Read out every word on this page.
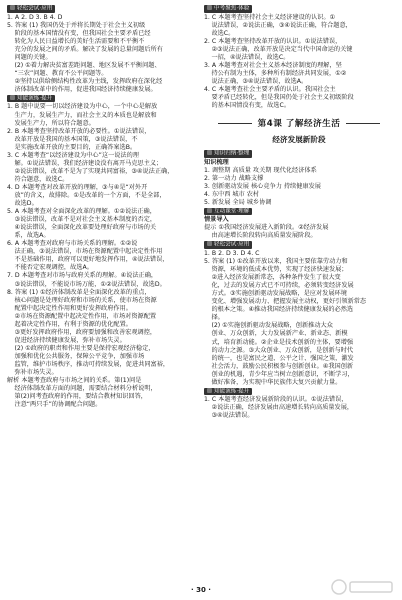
轻松尝试·应用

1. A 2. D 3. B 4. D

5. 答案 (1) 我国仍处于并将长期处于社会主义初级

阶段的基本国情没有变，但我国社会主要矛盾已经

转化为人民日益增长的美好生活需要和不平衡不

充分的发展之间的矛盾。解决了发展的总量问题后所有

问题的关键。

(2) ①着力解决贫富差距问题、地区发展不平衡问题、

“三农”问题、教育不公平问题等。

②坚持以供给侧结构性改革为主线，发挥政府在深化经

济体制改革中的作用，促进我国经济持续健康发展。

知能演练·提升

1. B 题中说要一切以经济建设为中心，一个中心是解放

生产力，发展生产力，而社会主义的本质也是解放和

发展生产力，所以符合题意。

2. B 本题考查坚持改革开放的必要性。①说法错误，

改革开放是我国的基本国策，③说法错误，不

是实施改革开放的主要目的，正确答案选B。

3. C 本题考查“以经济建设为中心”这一说法的理

解。①说法错误，我们经济建设没有离开马克思主义；

②说法错误，改革不是为了实现共同富裕，③④说法正确，

符合题意，故选C。

4. D 本题考查对改革开放的理解，③与④是“对外开

放”的含义，故排除。①是改革的一个方面，不是全部，

故选D。

5. A 本题考查对全面深化改革的理解。①②说法正确，

③说法错误，改革不是对社会主义基本制度的否定，

④说法错误，全面深化改革要处理好政府与市场的关

系，故选A。

6. A 本题考查对政府与市场关系的理解。①②说

法正确，③说法错误，市场在资源配置中起决定性作用

不是基础作用，政府可以更好地发挥作用，④说法错误，

不能否定宏观调控，故选A。

7. D 本题考查对市场与政府关系的理解。④说法正确，

③说法错误，不能说市场万能，①②说法错误，故选D。

8. 答案 (1) ①经济体制改革是全面深化改革的重点，

核心问题是处理好政府和市场的关系，使市场在资源

配置中起决定性作用和更好发挥政府作用。

②市场在资源配置中起决定性作用，市场对资源配置

起着决定性作用，有利于资源的优化配置。

③更好发挥政府作用，政府要加强和改善宏观调控，

促进经济持续健康发展，弥补市场失灵。

(2) ①政府的职责和作用主要是保持宏观经济稳定，

加强和优化公共服务，保障公平竞争，加强市场

监管，维护市场秩序，推动可持续发展，促进共同富裕，

弥补市场失灵。

解析 本题考查政府与市场之间的关系。第(1)问是

经济体制改革方面的问题，需要结合材料分析说明，

第(2)问考查政府的作用，要结合教材知识回答，

注意“两只手”的协调配合问题。

中考聚焦·体验

1. C 本题考查坚持社会主义经济建设的认识。①

说法错误，②说法正确，③④说法正确，符合题意，

故选C。

2. C 本题考查坚持改革开放的认识。①说法错误，

②③说法正确，改革开放是决定当代中国命运的关键

一招，④说法错误，故选C。

3. A 本题考查对社会主义基本经济制度的理解，坚

持公有制为主体，多种所有制经济共同发展，①②

说法正确，③④说法错误，故选A。

4. C 本题考查社会主要矛盾的认识。我国社会主

要矛盾已经转化，但是我国仍处于社会主义初级阶段

的基本国情没有变，故选C。

第4课 了解经济生活
经济发展新阶段
知识归纳·整理

知识梳理

1. 调整期 高质量 攻关期 现代化经济体系

2. 第一动力 战略支撑

3. 创新驱动发展 核心竞争力 持续健康发展

4. 东中西 城市 农村

5. 新发展 全局 城乡协调

互动课堂·理解

情景导入

提示 ①我国经济发展进入新阶段。②经济发展

由高速增长阶段转向高质量发展阶段。

轻松尝试·应用

1. B 2. D 3. D 4. C

5. 答案 (1) ①改革开放以来，我国主要依靠劳动力和

资源，环境的低成本优势，实现了经济快速发展；

②进入经济发展新常态，各种条件发生了很大变

化，过去的发展方式已不可持续，必须转变经济发展

方式。③实施创新驱动发展战略，是应对发展环境

变化、增强发展动力、把握发展主动权，更好引领新常态

的根本之策。④推动我国经济持续健康发展的必然选

择。

(2) ①实施创新驱动发展战略，创新推动大众

创业、万众创新，大力发展新产业、新业态、新模

式，培育新动能。②企业是技术创新的主体，要增强

的动力之源。③大众创业、万众创新，是创新与时代

的统一，也是富民之道、公平之计、强国之策，激发

社会活力，鼓励公民积极参与创新创业。④我国创新

创业的机遇，青少年应当树立创新意识，不断学习，

做好准备，为实现中华民族伟大复兴贡献力量。

知能演练·提升

1. C 本题考查经济发展新阶段的认识。①说法错误，

②说法正确，经济发展由高速增长转向高质量发展，

③④说法错误。

· 30 ·
